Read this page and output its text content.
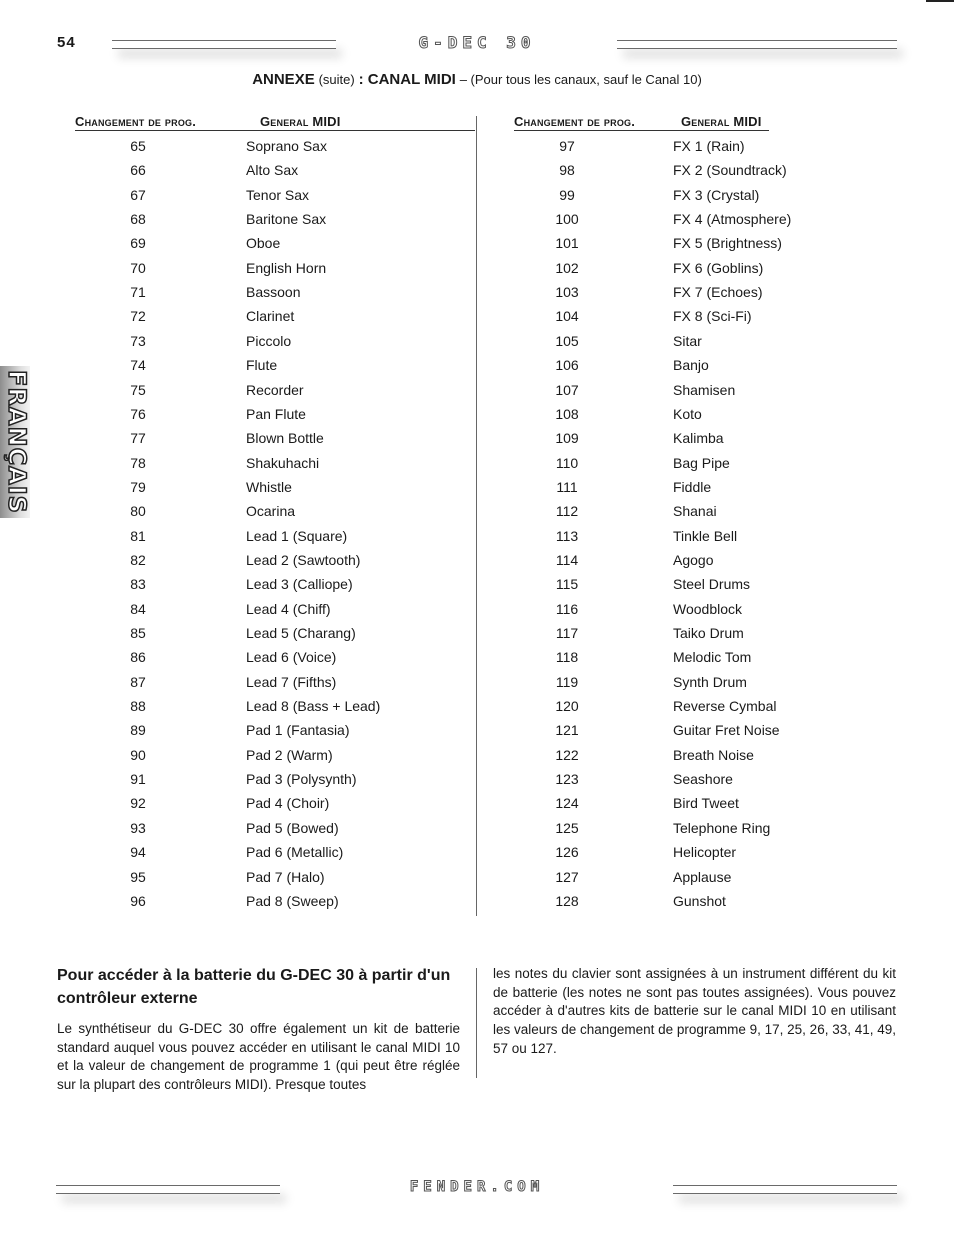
54	G-DEC 30
ANNEXE (suite) : CANAL MIDI – (Pour tous les canaux, sauf le Canal 10)
Changement de prog.	General MIDI	Changement de prog.	General MIDI
65	Soprano Sax
66	Alto Sax
67	Tenor Sax
68	Baritone Sax
69	Oboe
70	English Horn
71	Bassoon
72	Clarinet
73	Piccolo
74	Flute
75	Recorder
76	Pan Flute
77	Blown Bottle
78	Shakuhachi
79	Whistle
80	Ocarina
81	Lead 1 (Square)
82	Lead 2 (Sawtooth)
83	Lead 3 (Calliope)
84	Lead 4 (Chiff)
85	Lead 5 (Charang)
86	Lead 6 (Voice)
87	Lead 7 (Fifths)
88	Lead 8 (Bass + Lead)
89	Pad 1 (Fantasia)
90	Pad 2 (Warm)
91	Pad 3 (Polysynth)
92	Pad 4 (Choir)
93	Pad 5 (Bowed)
94	Pad 6 (Metallic)
95	Pad 7 (Halo)
96	Pad 8 (Sweep)
97	FX 1 (Rain)
98	FX 2 (Soundtrack)
99	FX 3 (Crystal)
100	FX 4 (Atmosphere)
101	FX 5 (Brightness)
102	FX 6 (Goblins)
103	FX 7 (Echoes)
104	FX 8 (Sci-Fi)
105	Sitar
106	Banjo
107	Shamisen
108	Koto
109	Kalimba
110	Bag Pipe
111	Fiddle
112	Shanai
113	Tinkle Bell
114	Agogo
115	Steel Drums
116	Woodblock
117	Taiko Drum
118	Melodic Tom
119	Synth Drum
120	Reverse Cymbal
121	Guitar Fret Noise
122	Breath Noise
123	Seashore
124	Bird Tweet
125	Telephone Ring
126	Helicopter
127	Applause
128	Gunshot
FRANÇAIS
Pour accéder à la batterie du G-DEC 30 à partir d'un contrôleur externe
Le synthétiseur du G-DEC 30 offre également un kit de batterie standard auquel vous pouvez accéder en utilisant le canal MIDI 10 et la valeur de changement de programme 1 (qui peut être réglée sur la plupart des contrôleurs MIDI). Presque toutes
les notes du clavier sont assignées à un instrument différent du kit de batterie (les notes ne sont pas toutes assignées). Vous pouvez accéder à d'autres kits de batterie sur le canal MIDI 10 en utilisant les valeurs de changement de programme 9, 17, 25, 26, 33, 41, 49, 57 ou 127.
FENDER.COM
